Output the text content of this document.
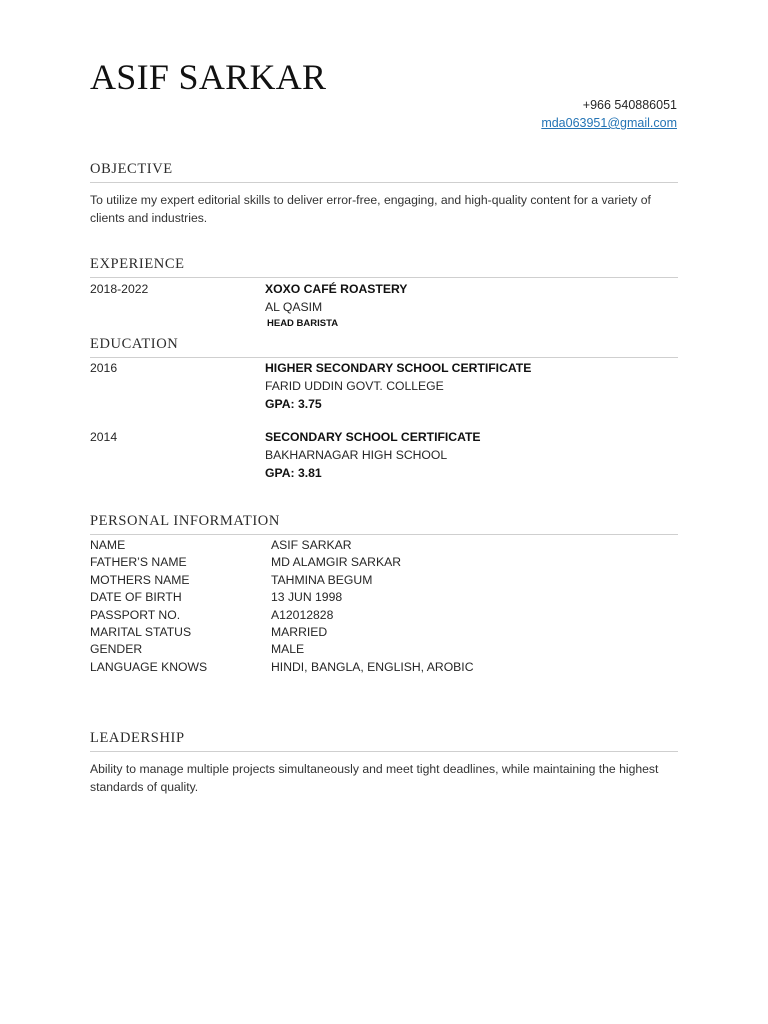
ASIF SARKAR
+966 540886051
mda063951@gmail.com
OBJECTIVE
To utilize my expert editorial skills to deliver error-free, engaging, and high-quality content for a variety of clients and industries.
EXPERIENCE
2018-2022	XOXO CAFÉ ROASTERY
AL QASIM
HEAD BARISTA
EDUCATION
2016	HIGHER SECONDARY SCHOOL CERTIFICATE
FARID UDDIN GOVT. COLLEGE
GPA: 3.75
2014	SECONDARY SCHOOL CERTIFICATE
BAKHARNAGAR HIGH SCHOOL
GPA: 3.81
PERSONAL INFORMATION
NAME	ASIF SARKAR
FATHER’S NAME	MD ALAMGIR SARKAR
MOTHERS NAME	TAHMINA BEGUM
DATE OF BIRTH	13 JUN 1998
PASSPORT NO.	A12012828
MARITAL STATUS	MARRIED
GENDER	MALE
LANGUAGE KNOWS	HINDI, BANGLA, ENGLISH, AROBIC
LEADERSHIP
Ability to manage multiple projects simultaneously and meet tight deadlines, while maintaining the highest standards of quality.
